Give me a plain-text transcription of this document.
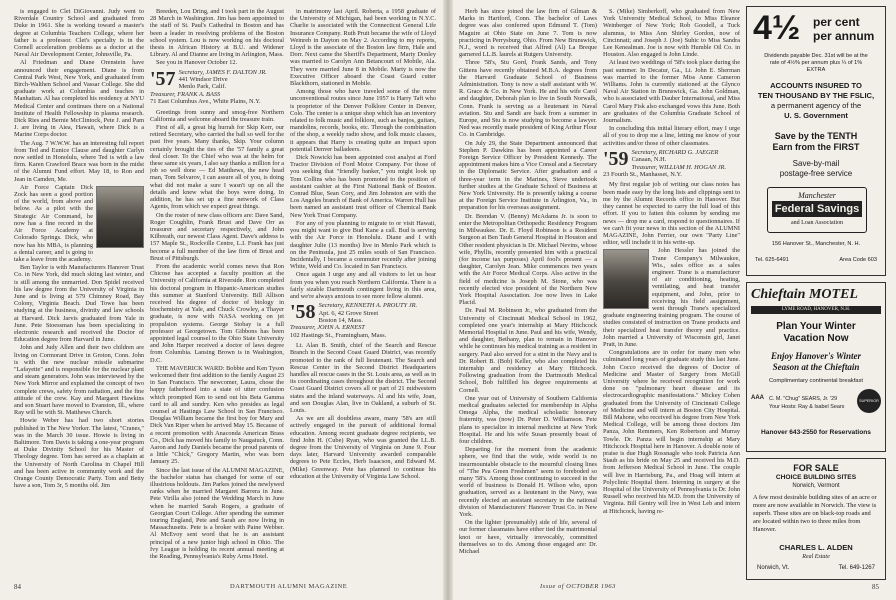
is engaged to Clet DiGiovanni. Judy went to Riverdale Country School and graduated from Duke in 1961. She is working toward a master's degree at Columbia Teachers College, where her father is a professor. Clet's specialty is in the Cornell acceleration problems as a doctor at the Naval Air Development Center, Johnsville, Pa.

Al Friedman and Diane Orenstein have announced their engagement. Diane is from Central Park West, New York, and graduated from Birch-Walthen School and Vassar College. She did graduate work at Columbia and teaches in Manhattan. Al has completed his residency at NYU Medical Center and continues there on a National Institute of Health Fellowship in plasma research. Dick Ries and Bernie McClintock, Pete J. and Pam J. are living in Aiea, Hawaii, where Dick is a Marine Corps doctor.

The Aug. 7 W.W.W. has an interesting full report from Ted and Eunice Clause and daughter Carlyn now settled in Honolulu, where Ted is with a law firm. Karen Crawford Brace was born in the midst of the Alumni Fund effort. May 18, to Ron and Jean in Camden, Me.

Air Force Captain Dick Zock has seen a good portion of the world, from above and below. As a pilot with the Strategic Air Command, he now has a fine record in the Air Force Academy at Colorado Springs. Dick, who now has his MBA, is planning a dental career, and is going to take a leave from the academy.

Ben Taylor is with Manufacturers Hanover Trust Co. in New York, did much skiing last winter, and is still among the unmarried. Don Spidel received his law degree from the University of Virginia in June and is living at 579 Chimney Road, Bay Colony, Virginia Beach. Dud Towe has been studying at the business, divinity and law schools at Harvard. Dick Jarvis graduated from Yale in June. Pete Stoessman has been specializing in electronic research and received the Doctor of Education degree from Harvard in June.

John and Judy Allen and their two children are living on Cormorant Drive in Groton, Conn. John is with the new nuclear missile submarine "Lafayette" and is responsible for the nuclear plant and steam generators. John was interviewed by the New York Mirror and explained the concept of two complete crews, safety from radiation, and the fine attitude of the crew. Kay and Margaret Hawkins and son Stuart have moved to Evanston, Ill., where Ray will be with St. Matthews Church.

Howie Weber has had two short stories published in The New Yorker. The latest, "Cranes," was in the March 30 issue. Howie is living in Baltimore. Tom Davis is taking a one-year program at Duke Divinity School for his Master of Theology degree. Tom has served as a chaplain at the University of North Carolina in Chapel Hill and has been active in community work and the Orange County Democratic Party. Tom and Betty have a son, Tom 3r, 5 months old. Jim

Breeden, Lou Dring, and I took part in the August 28 March in Washington. Jim has been appointed to the staff of St. Paul's Cathedral in Boston and has been a leader in resolving problems of the Boston school system. Lou is now working on his doctoral thesis in African History at B.U. and Widener Library. Al and Dianne are living in Arlington, Mass.

See you in Hanover October 12.

'57 Secretary, JAMES F. DALTON JR.
441 Windsor Drive
Menlo Park, Calif.
Treasurer, FRANK A. BASS
71 East Columbus Ave., White Plains, N.Y.

Greetings from sunny and smog-free Northern California and welcome aboard the treasure train.

First of all, a great big hurrah for Skip Kerr, our retired Secretary, who carried the ball so well for the past five years. Many thanks, Skip. Your column certainly brought the ties of the '57 family a great deal closer. To the Chief who was at the helm for these same six years, I also say thanks a million for a job so well done — Ed Matthews, the new head man, Tom Selvarov, I can assure all of you, is doing what did not make a sure I wasn't up on all the details and knew what the boys were doing. In addition, he has set up a fine network of Class Agents, from which we expect great things.

On the roster of new class officers are: Dave Sand, Roger Coughlin, Frank Brust and Dave Orr as treasurer and secretary respectively, and John Kilbreath, our newest Class Agent. Dave's address is 157 Maple St., Rockville Centre, L.I. Frank has just become a full member of the law firm of Brust and Brust of Pittsburgh.

From the academic world comes news that Ron Chicose has accepted a faculty position at the University of California at Riverside. Ron completed his doctoral program in Hispanic-American studies this summer at Stanford University. Bill Allison received his degree of doctor of biology in biochemistry at Yale, and Chuck Crowley, a Thayer graduate, is now with NASA working on jet propulsion systems. George Stobay is a full professor at Georgetown. Tom Gibbons has been appointed legal counsel to the Ohio State University and John Harper received a doctor of laws degree from Columbia. Lansing Brown is in Washington, D.C.

THE MAVERICK WARD: Bobbie and Ken Tyson welcomed their first addition to the family August 23 in San Francisco. The newcomer, Laura, chose the happy fatherhood into a state of utter confusion which prompted Ken to send out his Beta Gamma card to all and sundry. Ken who presides as legal counsel at Hastings Law School in San Francisco. Douglas William became the first boy for Mary and Dick Van Riper when he arrived May 15. Because of a recent promotion with Anaconda American Brass Co., Dick has moved his family to Naugatuck, Conn. Aaron and Judy Daniels became the proud parents of a little "Chick," Gregory Martin, who was born January 25.

Since the last issue of the ALUMNI MAGAZINE, the bachelor status has changed for some of our illustrious holdouts. Jim Parkes joined the newlywed ranks when he married Margaret Barrera in June. Pete Virilla also joined the Wedding March in June when he married Sarah Rogers, a graduate of Georgian Court College. After spending the summer touring England, Pete and Sarah are now living in Massachusetts. Pete is a broker with Paine Webber. Al McEvoy sent word that he is an assistant principal of a new junior high school in Ohio. The Ivy League is holding its recent annual meeting at the Reading, Pennsylvania's Ruby Arms Hotel.

in matrimony last April. Roberta, a 1958 graduate of the University of Michigan, had been working in N.Y.C. Charlie is associated with the Connecticut General Life Insurance Company. Ruth Pruit became the wife of Lloyd Weinreb in Dayton on May 2. According to my reports, Lloyd is the associate of the Boston law firm, Hale and Dorr. Next came the Sheriff's Department, Marty Donley was married to Carolyn Ann Betancourt of Mobile, Ala. They were married June 8 in Mobile. Marty is now the Executive Officer aboard the Coast Guard cutter Blackthorn, stationed in Mobile.

Among those who have traveled some of the more unconventional routes since June 1957 is Harry Taft who is proprietor of the Denver Folklore Center in Denver, Colo. The center is a unique shop which has an inventory related to folk music and folklore, such as banjos, guitars, mandolins, records, books, etc. Through the combination of the shop, a weekly radio show, and folk music classes, it appears that Harry is creating quite an impact upon potential Denver balladeers.

Dick Nowicki has been appointed cost analyst at Ford Tractor Division of Ford Motor Company. For those of you seeking that "friendly banker," you might look up Tom Collins who has been promoted to the position of assistant cashier at the First National Bank of Boston. Conrad Blue, Sean Cory, and Jim Johnston are with the Los Angeles branch of Bank of America. Warren Hull has been named an assistant trust officer of Chemical Bank New York Trust Company.

For any of you planning to migrate to or visit Hawaii, you might want to give Bud Kane a call. Bud is serving with the Air Force in Honolulu. Diane and I with daughter Julie (13 months) live in Menlo Park which is on the Peninsula, just 25 miles south of San Francisco. Incidentally, I became a commuter recently after joining White, Weld and Co. located in San Francisco.

Once again I urge any and all visitors to let us hear from you when you reach Northern California. There is a fairly sizable Dartmouth contingent living in this area, and we're always anxious to see more fellow alumni.

'58 Secretary, KENNETH A. PROUTY JR.
Apt. 6, 42 Grove Street
Boston 14, Mass.
Treasurer, JOHN A. ERNEST
102 Hastings St., Framingham, Mass.

Lt. Alan B. Smith, chief of the Search and Rescue Branch in the Second Coast Guard District, was recently promoted to the rank of full lieutenant. The Search and Rescue Center in the Second District Headquarters handles all rescue cases in the St. Louis area, as well as in its coordinating cases throughout the district. The Second Coast Guard District covers all or part of 21 midwestern states and the inland waterways. Al and his wife, Joan, and son Douglas Alan, live in Oakland, a suburb of St. Louis.

As we are all doubtless aware, many '58's are still actively engaged in the pursuit of additional formal education. Among recent graduate degree recipients, we find John H. (Cube) Ryan, who was granted the LL.B. degree from the University of Virginia on June 9. Four days later, Harvard University awarded comparable degrees to Pete Eccles, Herb Isaacson, and Edward M. (Mike) Greenway. Pete has planned to continue his education at the University of Virginia Law School.

84	DARTMOUTH ALUMNI MAGAZINE

Herb has since joined the law firm of Gilman & Marks in Hartford, Conn. The bachelor of Laws degree was also conferred upon Edmund T. (Tom) Maguire at Ohio State on June 7. Tom is now practicing in Perrysburg, Ohio. From New Brunswick, N.J., word is received that Alfred (Al) La Breque garnered LL.B. laurels at Rutgers University.

Three '58's, Stu Gord, Frank Sands, and Tony Gittens have recently obtained M.B.A. degrees from the Harvard Graduate School of Business Administration. Tony is now a staff assistant with W. R. Grace & Co. in New York. He and his wife Carol and daughter, Deborah plan to live in South Norwalk, Conn. Frank is serving as a lieutenant in Naval aviation. Stu and Sandi are back from a summer in Europe, and Stu is now studying to become a lawyer. Ned was recently made president of King Arthur Flour Co. in Cambridge.

On July 29, the State Department announced that Stephen P. Dawkins has been appointed a Career Foreign Service Officer by President Kennedy. The appointment makes him a Vice Consul and a Secretary in the Diplomatic Service. After graduation and a three-year term in the Marines, Steve undertook further studies at the Graduate School of Business at New York University. He is presently taking a course at the Foreign Service Institute in Arlington, Va., in preparation for his overseas assignment.

Dr. Brendan V. (Benny) McAdams Jr. is soon to enter the Metropolitan Orthopedic Residency Program in Milwaukee. Dr. E. Floyd Robinson is a Resident Surgeon at Ben Taub General Hospital in Houston and Other resident physician is Dr. Michael Nevins, whose wife, Phyllis, recently presented him with a practical (for income tax purposes) April fool's present — a daughter, Carolyn Jean. Mike commences two years with the Air Force Medical Corps. Also active in the field of medicine is Joseph M. Stone, who was recently elected vice president of the Northern New York Hospital Association. Joe now lives in Lake Placid.

Dr. Paul M. Robinson Jr., who graduated from the University of Cincinnati Medical School in 1962, completed one year's internship at Mary Hitchcock Memorial Hospital in June. Paul and his wife, Wendy, and daughter, Bethany, plan to remain in Hanover while he continues his medical training as a resident in surgery. Paul also served for a stint in the Navy and is Dr. Robert B. (Bob) Keller, who also completed his internship and residency at Mary Hitchcock. Following graduation from the Dartmouth Medical School, Bob fulfilled his degree requirements at Cornell.

One year out of University of Southern California medical graduates selected for membership in Alpha Omega Alpha, the medical scholastic honorary fraternity, was (now) Dr. Peter D. Williamson. Pete plans to specialize in internal medicine at New York Hospital. He and his wife Susan presently boast of four children.

Departing for the moment from the academic sphere, we find that the wide, wide world is no insurmountable obstacle to the mournful closing lines of "The Pea Green Freshmen" seem to foreboded so many '58's. Among those continuing to succeed in the world of business is Donald H. Wilson who, upon graduation, served as a lieutenant in the Navy, was recently elected an assistant secretary in the national division of Manufacturers' Hanover Trust Co. in New York.

On the lighter (presumably) side of life, several of our former classmates have either tied the matrimonial knot or have, virtually irrevocably, committed themselves so to do. Among those engaged are: Dr. Michael

S. (Mike) Simberkoff, who graduated from New York University Medical School, to Miss Eleanor Weinberger of New York; Rob Goodell, a Tuck alumnus, to Miss Ann Shirley Gordon, now of Cincinnati; and Joseph J. (Joe) Suhic to Miss Sandra Lee Kenealman. Joe is now with Humble Oil Co. in Houston. Also engaged is John Linde.

At least two weddings of '58's took place during the past summer. In Decatur, Ga., Lt. John E. Sherman was married to the former Miss Anne Cameron Williams. John is currently stationed at the Glynco Naval Air Station in Brunswick, Ga. John Goldman, who is associated with Dauber International, and Miss Carol Mary Fisk also exchanged vows this June. Both are graduates of the Columbia Graduate School of Journalism.

In concluding this initial literary effort, may I urge all of you to drop me a line, letting me know of your activities and/or those of other classmates.

'59 Secretary, RICHARD G. JAEGER
Canaan, N.H.
Treasurer, WILLIAM H. HOGAN JR.
23 Fourth St., Manhasset, N.Y.

My first regular job of writing our class notes has been made easy by the long lists and clippings sent to me by the Alumni Records office in Hanover. But they cannot be expected to carry the full load of this effort. If you to fatten this column by sending me news — drop me a card, respond to questionnaires. If we can't fit your news in this section of the ALUMNI MAGAZINE, John Ferrier, our own "Party Line" editor, will include it in his write-up.

John Hessler has joined the Trane Company's Milwaukee, Wis., sales office as a sales engineer. Trane is a manufacturer of air conditioning, heating, ventilating, and heat transfer equipment, and John, prior to receiving his field assignment, went through Trane's specialized graduate engineering training program. The course of studies consisted of instruction on Trane products and their specialized heat transfer theory and practice. John married a University of Wisconsin girl, Janet Pratt, in June.

Congratulations are in order for many men who culminated long years of graduate study this last June. John Cocco received the degrees of Doctor of Medicine and Master of Surgery from McGill University where he received recognition for work done on "pulmonary heart disease and its electrocardiographic manifestations." Mickey Cohen graduated from the University of Cincinnati College of Medicine and will intern at Boston City Hospital. Bill Mahone, who received his degree from New York Medical College, will be among those doctors Jim Panza, John Remmers, Ken Robertson and Murray Towle. Dr. Panza will begin internship at Mary Hitchcock Hospital here in Hanover. A double note of praise is due Hugh Rossnagle who took Patricia Ann Staub as his bride on May 25 and received his M.D. from Jefferson Medical School in June. The couple will live in Harrisburg, Pa., and Hoag will intern at Polyclinic Hospital there. Interning in surgery at the Hospital of the University of Pennsylvania is Dr. John Russell who received his M.D. from the University of Virginia. Bill Gentry will live in West Leb and intern at Hitchcock, having re-

4½ per cent
per annum
Dividends payable Dec. 31st will be at the
rate of 4½% per annum plus ¼ of 1%
EXTRA
ACCOUNTS INSURED TO
TEN THOUSAND BY THE FSLIC,
a permanent agency of the
U. S. Government
Save by the TENTH
Earn from the FIRST
Save-by-mail
postage-free service
Manchester
Federal Savings
and Loan Association
156 Hanover St., Manchester, N. H.
Tel. 625-6491	Area Code 603
Chieftain MOTEL
LYME ROAD, HANOVER, N.H.
Plan Your Winter
Vacation Now
Enjoy Hanover's Winter
Season at the Chieftain
Complimentary continental breakfast
AAA C. M. "Chug" SEARS, Jr. '29
Your Hosts: Ray & Isabel Sears
SUPERIOR
Hanover 643-2550 for Reservations
FOR SALE
CHOICE BUILDING SITES
Norwich, Vermont
A few most desirable building sites of an acre or more are now available in Norwich. The view is superb. These sites are on black-top roads and are located within two to three miles from Hanover.
CHARLES L. ALDEN
Real Estate
Norwich, Vt.	Tel. 649-1267
Issue of OCTOBER 1963	85
